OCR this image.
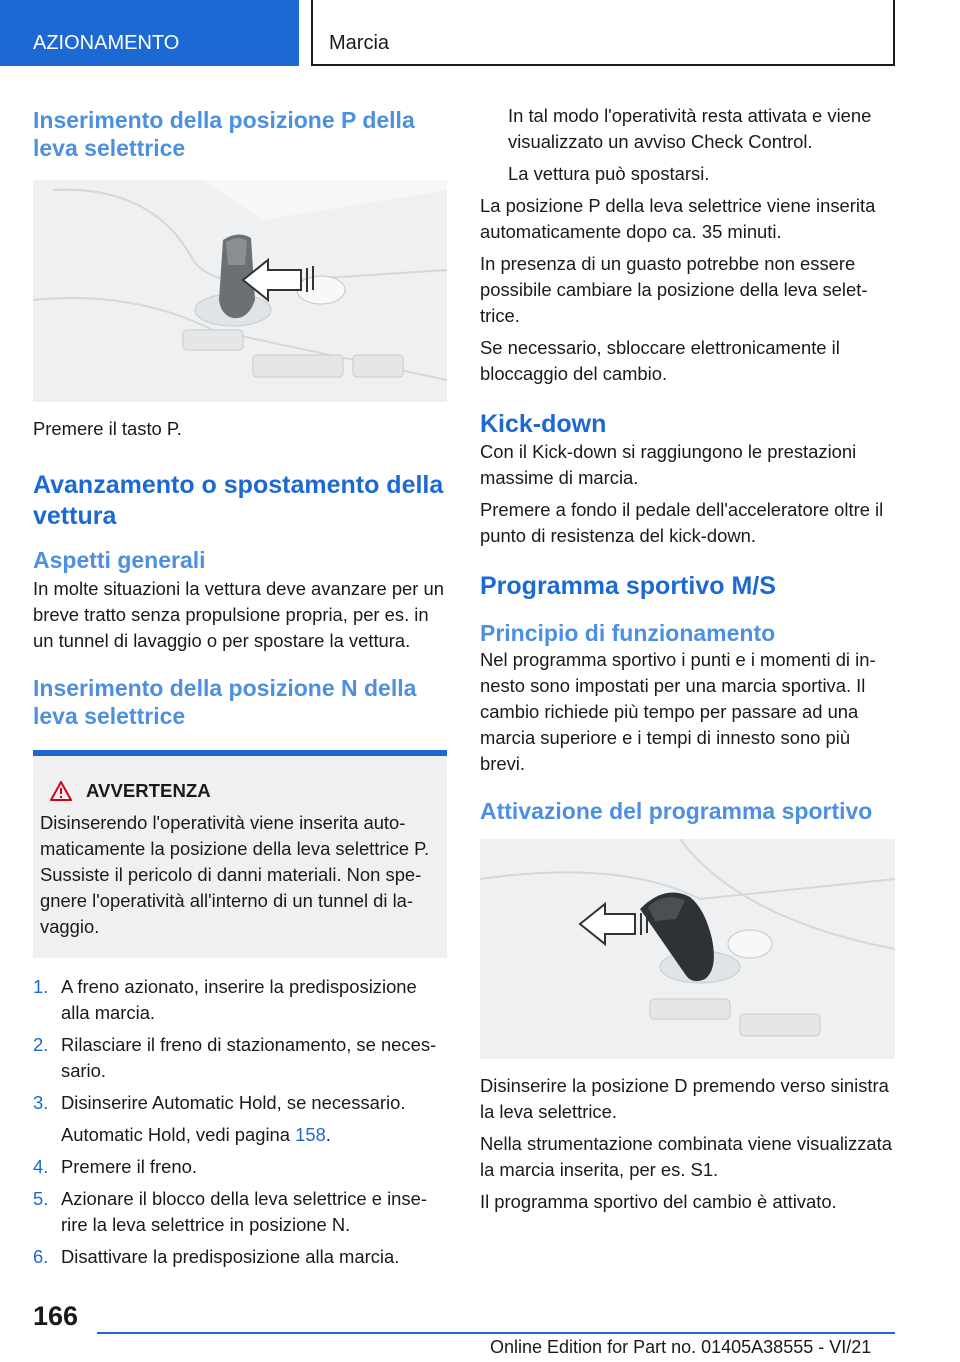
AZIONAMENTO	Marcia
Inserimento della posizione P della leva selettrice

Premere il tasto P.

Avanzamento o spostamento della vettura
Aspetti generali

In molte situazioni la vettura deve avanzare per un breve tratto senza propulsione propria, per es. in un tunnel di lavaggio o per spostare la vettura.

Inserimento della posizione N della leva selettrice
AVVERTENZA

Disinserendo l'operatività viene inserita automaticamente la posizione della leva selettrice P. Sussiste il pericolo di danni materiali. Non spegnere l'operatività all'interno di un tunnel di lavaggio.

1. A freno azionato, inserire la predisposizione alla marcia.
2. Rilasciare il freno di stazionamento, se necessario.
3. Disinserire Automatic Hold, se necessario.
Automatic Hold, vedi pagina 158.
4. Premere il freno.
5. Azionare il blocco della leva selettrice e inserire la leva selettrice in posizione N.
6. Disattivare la predisposizione alla marcia.

In tal modo l'operatività resta attivata e viene visualizzato un avviso Check Control.

La vettura può spostarsi.

La posizione P della leva selettrice viene inserita automaticamente dopo ca. 35 minuti.

In presenza di un guasto potrebbe non essere possibile cambiare la posizione della leva selettrice.

Se necessario, sbloccare elettronicamente il bloccaggio del cambio.

Kick-down

Con il Kick-down si raggiungono le prestazioni massime di marcia.

Premere a fondo il pedale dell'acceleratore oltre il punto di resistenza del kick-down.

Programma sportivo M/S
Principio di funzionamento

Nel programma sportivo i punti e i momenti di innesto sono impostati per una marcia sportiva. Il cambio richiede più tempo per passare ad una marcia superiore e i tempi di innesto sono più brevi.

Attivazione del programma sportivo

Disinserire la posizione D premendo verso sinistra la leva selettrice.

Nella strumentazione combinata viene visualizzata la marcia inserita, per es. S1.

Il programma sportivo del cambio è attivato.

166
Online Edition for Part no. 01405A38555 - VI/21
